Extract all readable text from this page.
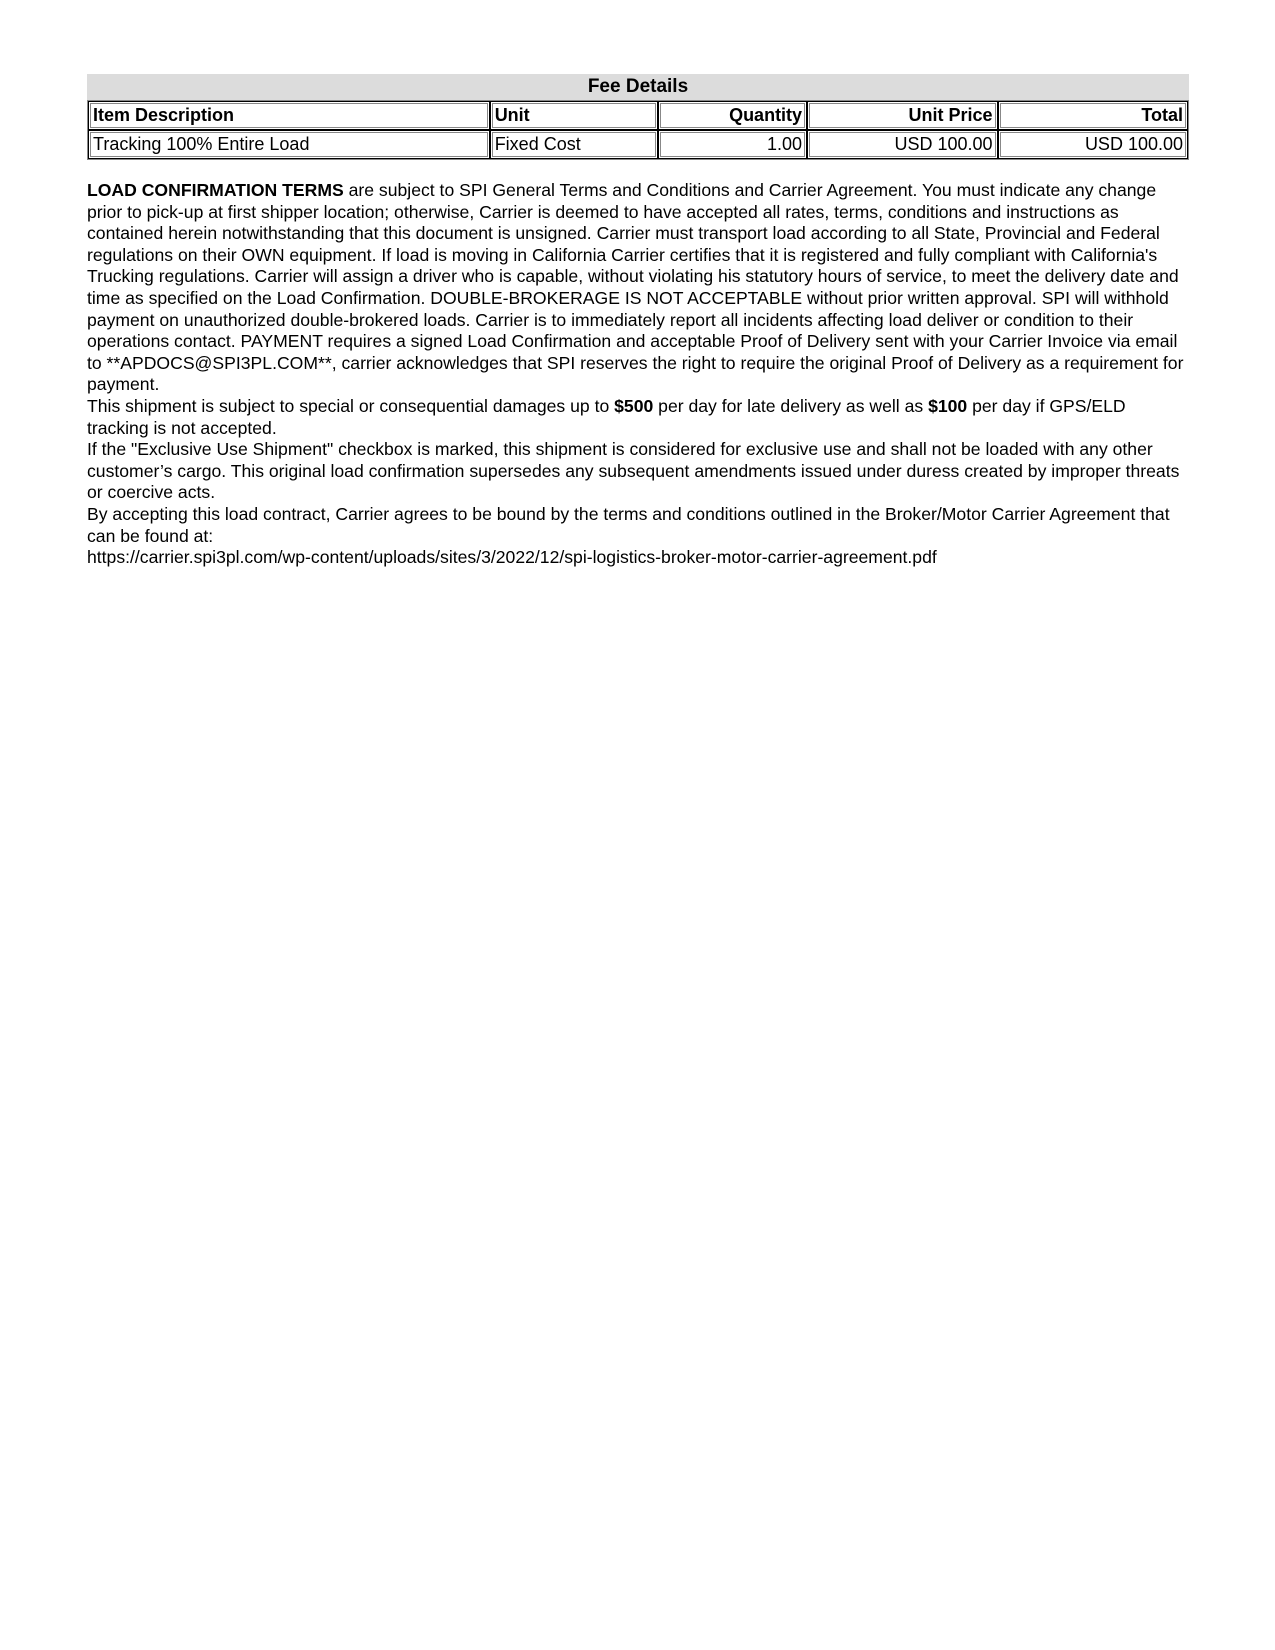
Fee Details
Item Description	Unit	Quantity	Unit Price	Total
Tracking 100% Entire Load	Fixed Cost	1.00	USD 100.00	USD 100.00

LOAD CONFIRMATION TERMS are subject to SPI General Terms and Conditions and Carrier Agreement. You must indicate any change prior to pick-up at first shipper location; otherwise, Carrier is deemed to have accepted all rates, terms, conditions and instructions as contained herein notwithstanding that this document is unsigned. Carrier must transport load according to all State, Provincial and Federal regulations on their OWN equipment. If load is moving in California Carrier certifies that it is registered and fully compliant with California's Trucking regulations. Carrier will assign a driver who is capable, without violating his statutory hours of service, to meet the delivery date and time as specified on the Load Confirmation. DOUBLE-BROKERAGE IS NOT ACCEPTABLE without prior written approval. SPI will withhold payment on unauthorized double-brokered loads. Carrier is to immediately report all incidents affecting load deliver or condition to their operations contact. PAYMENT requires a signed Load Confirmation and acceptable Proof of Delivery sent with your Carrier Invoice via email to **APDOCS@SPI3PL.COM**, carrier acknowledges that SPI reserves the right to require the original Proof of Delivery as a requirement for payment.

This shipment is subject to special or consequential damages up to $500 per day for late delivery as well as $100 per day if GPS/ELD tracking is not accepted.

If the "Exclusive Use Shipment" checkbox is marked, this shipment is considered for exclusive use and shall not be loaded with any other customer’s cargo. This original load confirmation supersedes any subsequent amendments issued under duress created by improper threats or coercive acts.

By accepting this load contract, Carrier agrees to be bound by the terms and conditions outlined in the Broker/Motor Carrier Agreement that can be found at:

https://carrier.spi3pl.com/wp-content/uploads/sites/3/2022/12/spi-logistics-broker-motor-carrier-agreement.pdf
